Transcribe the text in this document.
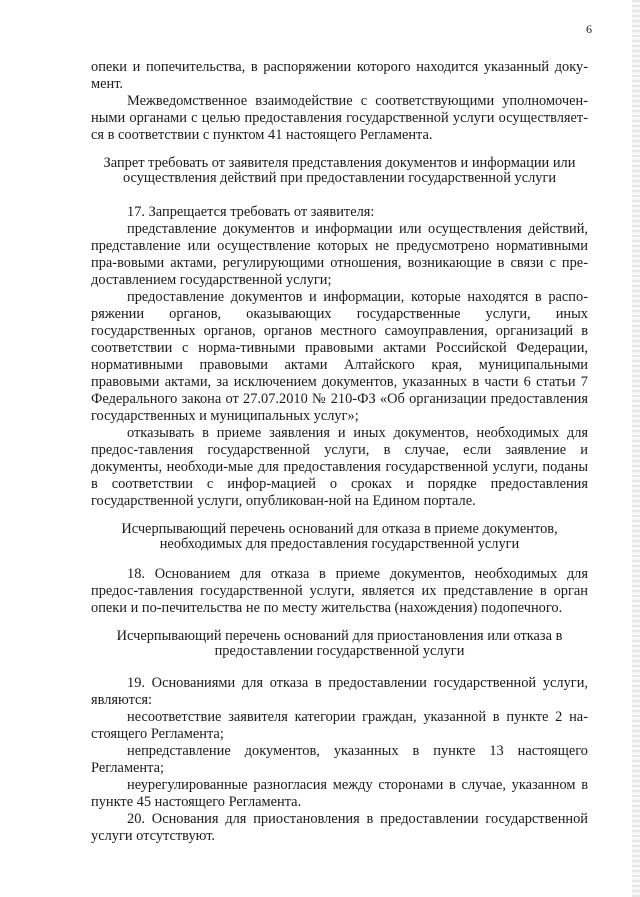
6

опеки и попечительства, в распоряжении которого находится указанный доку-мент.

Межведомственное взаимодействие с соответствующими уполномочен-ными органами с целью предоставления государственной услуги осуществляет-ся в соответствии с пунктом 41 настоящего Регламента.

Запрет требовать от заявителя представления документов и информации или осуществления действий при предоставлении государственной услуги

17. Запрещается требовать от заявителя:

представление документов и информации или осуществления действий, представление или осуществление которых не предусмотрено нормативными пра-вовыми актами, регулирующими отношения, возникающие в связи с пре-доставлением государственной услуги;

предоставление документов и информации, которые находятся в распо-ряжении органов, оказывающих государственные услуги, иных государственных органов, органов местного самоуправления, организаций в соответствии с норма-тивными правовыми актами Российской Федерации, нормативными правовыми актами Алтайского края, муниципальными правовыми актами, за исключением документов, указанных в части 6 статьи 7 Федерального закона от 27.07.2010 № 210-ФЗ «Об организации предоставления государственных и муниципальных услуг»;

отказывать в приеме заявления и иных документов, необходимых для предос-тавления государственной услуги, в случае, если заявление и документы, необходи-мые для предоставления государственной услуги, поданы в соответствии с инфор-мацией о сроках и порядке предоставления государственной услуги, опубликован-ной на Едином портале.

Исчерпывающий перечень оснований для отказа в приеме документов, необходимых для предоставления государственной услуги

18. Основанием для отказа в приеме документов, необходимых для предос-тавления государственной услуги, является их представление в орган опеки и по-печительства не по месту жительства (нахождения) подопечного.

Исчерпывающий перечень оснований для приостановления или отказа в предоставлении государственной услуги

19. Основаниями для отказа в предоставлении государственной услуги, являются:

несоответствие заявителя категории граждан, указанной в пункте 2 на-стоящего Регламента;

непредставление документов, указанных в пункте 13 настоящего Регламента;

неурегулированные разногласия между сторонами в случае, указанном в пункте 45 настоящего Регламента.

20. Основания для приостановления в предоставлении государственной услуги отсутствуют.
